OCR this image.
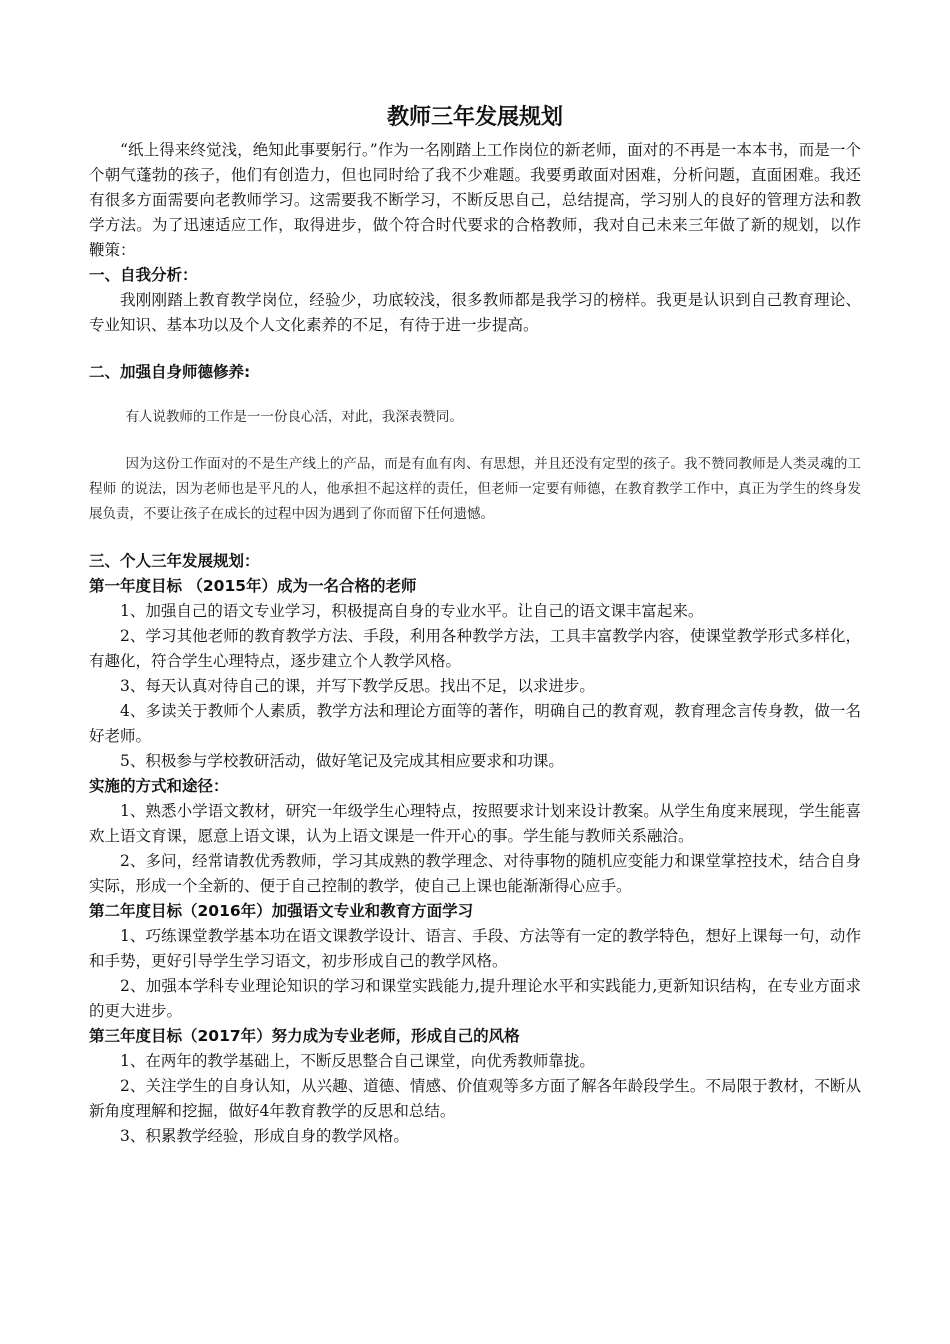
教师三年发展规划

“纸上得来终觉浅，绝知此事要躬行。”作为一名刚踏上工作岗位的新老师，面对的不再是一本本书，而是一个个朝气蓬勃的孩子，他们有创造力，但也同时给了我不少难题。我要勇敢面对困难，分析问题，直面困难。我还有很多方面需要向老教师学习。这需要我不断学习，不断反思自己，总结提高，学习别人的良好的管理方法和教学方法。为了迅速适应工作，取得进步，做个符合时代要求的合格教师，我对自己未来三年做了新的规划，以作鞭策：

一、自我分析：

我刚刚踏上教育教学岗位，经验少，功底较浅，很多教师都是我学习的榜样。我更是认识到自己教育理论、专业知识、基本功以及个人文化素养的不足，有待于进一步提高。

二、加强自身师德修养:

有人说教师的工作是一一份良心活，对此，我深表赞同。

因为这份工作面对的不是生产线上的产品，而是有血有肉、有思想，并且还没有定型的孩子。我不赞同教师是人类灵魂的工程师 的说法，因为老师也是平凡的人，他承担不起这样的责任，但老师一定要有师德，在教育教学工作中，真正为学生的终身发展负责，不要让孩子在成长的过程中因为遇到了你而留下任何遗憾。

三、个人三年发展规划：

第一年度目标 （2015年）成为一名合格的老师

1、加强自己的语文专业学习，积极提高自身的专业水平。让自己的语文课丰富起来。

2、学习其他老师的教育教学方法、手段，利用各种教学方法，工具丰富教学内容，使课堂教学形式多样化，有趣化，符合学生心理特点，逐步建立个人教学风格。

3、每天认真对待自己的课，并写下教学反思。找出不足，以求进步。

4、多读关于教师个人素质，教学方法和理论方面等的著作，明确自己的教育观，教育理念言传身教，做一名好老师。

5、积极参与学校教研活动，做好笔记及完成其相应要求和功课。

实施的方式和途径：

1、熟悉小学语文教材，研究一年级学生心理特点，按照要求计划来设计教案。从学生角度来展现，学生能喜欢上语文育课，愿意上语文课，认为上语文课是一件开心的事。学生能与教师关系融洽。

2、多问，经常请教优秀教师，学习其成熟的教学理念、对待事物的随机应变能力和课堂掌控技术，结合自身实际，形成一个全新的、便于自己控制的教学，使自己上课也能渐渐得心应手。

第二年度目标（2016年）加强语文专业和教育方面学习

1、巧练课堂教学基本功在语文课教学设计、语言、手段、方法等有一定的教学特色，想好上课每一句，动作和手势，更好引导学生学习语文，初步形成自己的教学风格。

2、加强本学科专业理论知识的学习和课堂实践能力,提升理论水平和实践能力,更新知识结构，在专业方面求的更大进步。

第三年度目标（2017年）努力成为专业老师，形成自己的风格

1、在两年的教学基础上，不断反思整合自己课堂，向优秀教师靠拢。

2、关注学生的自身认知，从兴趣、道德、情感、价值观等多方面了解各年龄段学生。不局限于教材，不断从新角度理解和挖掘，做好4年教育教学的反思和总结。

3、积累教学经验，形成自身的教学风格。
